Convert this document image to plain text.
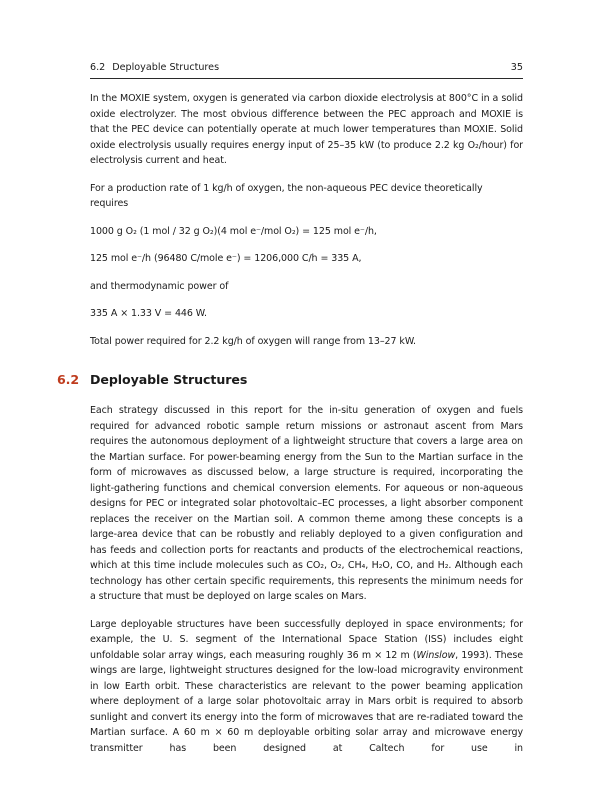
6.2 Deployable Structures	35

In the MOXIE system, oxygen is generated via carbon dioxide electrolysis at 800°C in a solid oxide electrolyzer. The most obvious difference between the PEC approach and MOXIE is that the PEC device can potentially operate at much lower temperatures than MOXIE. Solid oxide electrolysis usually requires energy input of 25–35 kW (to produce 2.2 kg O₂/hour) for electrolysis current and heat.

For a production rate of 1 kg/h of oxygen, the non-aqueous PEC device theoretically requires

1000 g O₂ (1 mol / 32 g O₂)(4 mol e⁻/mol O₂) = 125 mol e⁻/h,

125 mol e⁻/h (96480 C/mole e⁻) = 1206,000 C/h = 335 A,

and thermodynamic power of

335 A × 1.33 V = 446 W.

Total power required for 2.2 kg/h of oxygen will range from 13–27 kW.

6.2 Deployable Structures

Each strategy discussed in this report for the in-situ generation of oxygen and fuels required for advanced robotic sample return missions or astronaut ascent from Mars requires the autonomous deployment of a lightweight structure that covers a large area on the Martian surface. For power-beaming energy from the Sun to the Martian surface in the form of microwaves as discussed below, a large structure is required, incorporating the light-gathering functions and chemical conversion elements. For aqueous or non-aqueous designs for PEC or integrated solar photovoltaic–EC processes, a light absorber component replaces the receiver on the Martian soil. A common theme among these concepts is a large-area device that can be robustly and reliably deployed to a given configuration and has feeds and collection ports for reactants and products of the electrochemical reactions, which at this time include molecules such as CO₂, O₂, CH₄, H₂O, CO, and H₂. Although each technology has other certain specific requirements, this represents the minimum needs for a structure that must be deployed on large scales on Mars.

Large deployable structures have been successfully deployed in space environments; for example, the U. S. segment of the International Space Station (ISS) includes eight unfoldable solar array wings, each measuring roughly 36 m × 12 m (Winslow, 1993). These wings are large, lightweight structures designed for the low-load microgravity environment in low Earth orbit. These characteristics are relevant to the power beaming application where deployment of a large solar photovoltaic array in Mars orbit is required to absorb sunlight and convert its energy into the form of microwaves that are re-radiated toward the Martian surface. A 60 m × 60 m deployable orbiting solar array and microwave energy transmitter has been designed at Caltech for use in
